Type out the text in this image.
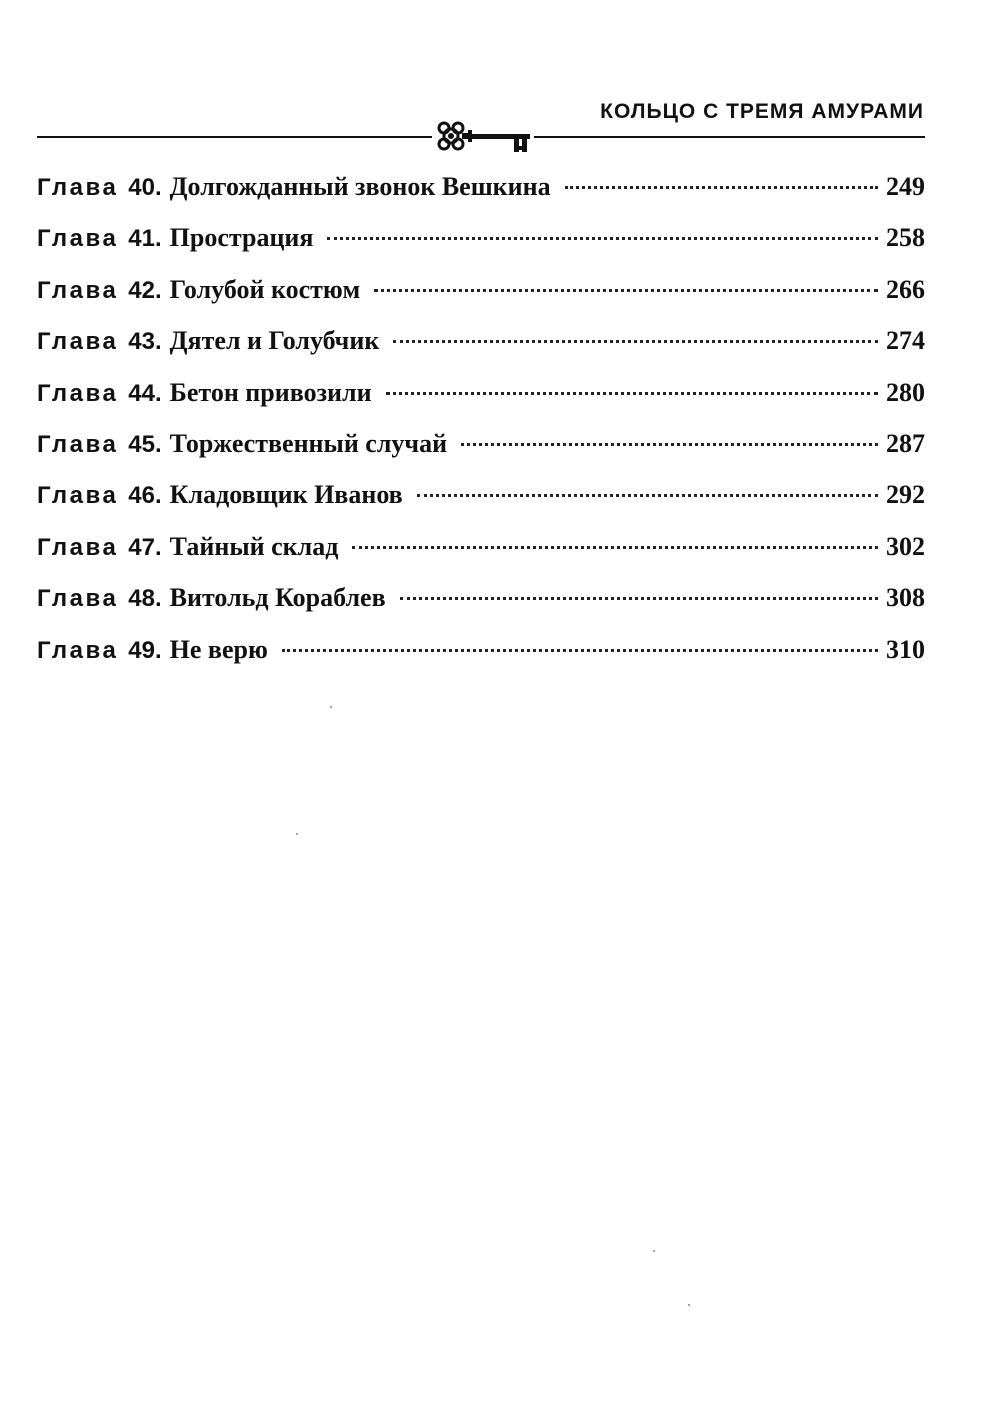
КОЛЬЦО С ТРЕМЯ АМУРАМИ
Глава 40. Долгожданный звонок Вешкина	249
Глава 41. Прострация	258
Глава 42. Голубой костюм	266
Глава 43. Дятел и Голубчик	274
Глава 44. Бетон привозили	280
Глава 45. Торжественный случай	287
Глава 46. Кладовщик Иванов	292
Глава 47. Тайный склад	302
Глава 48. Витольд Кораблев	308
Глава 49. Не верю	310
